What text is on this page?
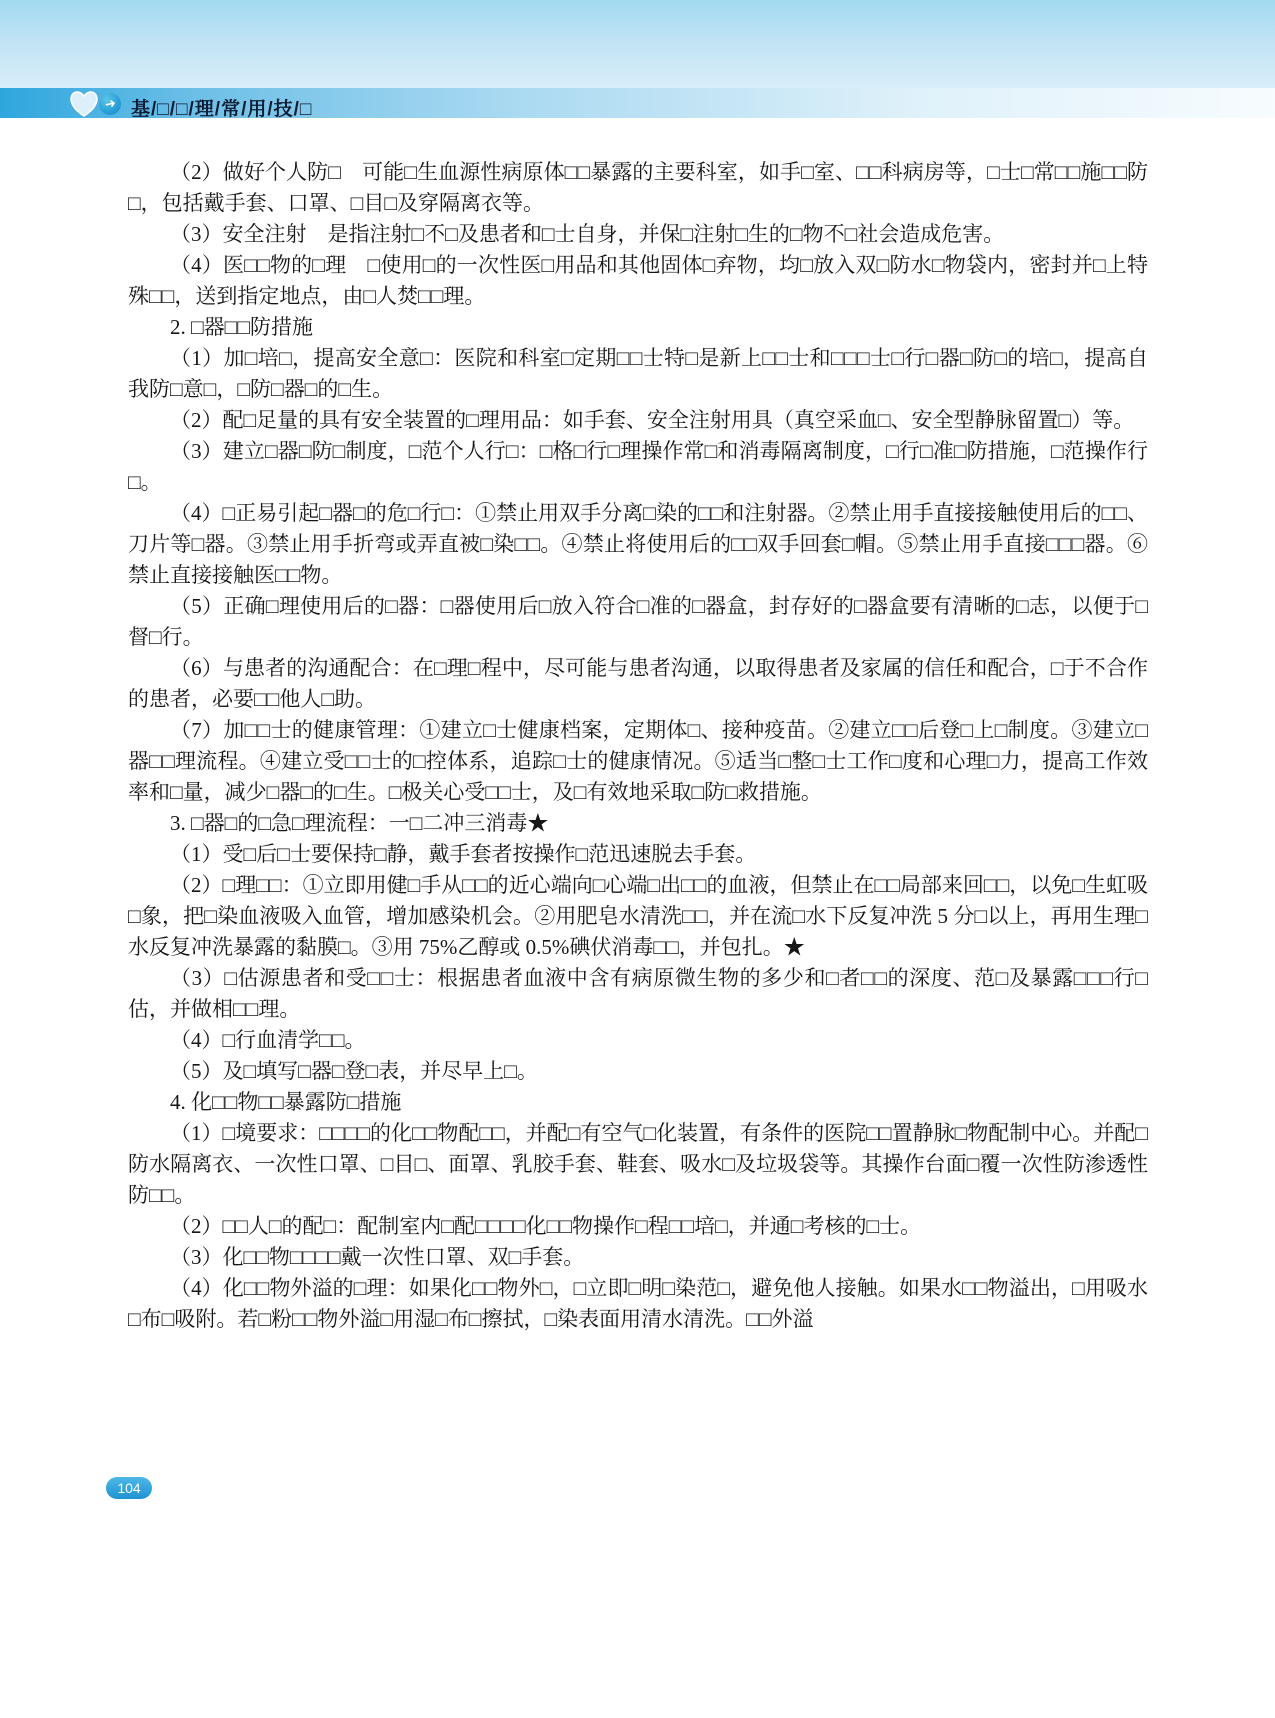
➜ 基/□/□/理/常/用/技/□

（2）做好个人防□　可能□生血源性病原体□□暴露的主要科室，如手□室、□□科病房等，□士□常□□施□□防□，包括戴手套、口罩、□目□及穿隔离衣等。

（3）安全注射　是指注射□不□及患者和□士自身，并保□注射□生的□物不□社会造成危害。

（4）医□□物的□理　□使用□的一次性医□用品和其他固体□弃物，均□放入双□防水□物袋内，密封并□上特殊□□，送到指定地点，由□人焚□□理。

2. □器□□防措施

（1）加□培□，提高安全意□：医院和科室□定期□□士特□是新上□□士和□□□士□行□器□防□的培□，提高自我防□意□，□防□器□的□生。

（2）配□足量的具有安全装置的□理用品：如手套、安全注射用具（真空采血□、安全型静脉留置□）等。

（3）建立□器□防□制度，□范个人行□：□格□行□理操作常□和消毒隔离制度，□行□准□防措施，□范操作行□。

（4）□正易引起□器□的危□行□：①禁止用双手分离□染的□□和注射器。②禁止用手直接接触使用后的□□、刀片等□器。③禁止用手折弯或弄直被□染□□。④禁止将使用后的□□双手回套□帽。⑤禁止用手直接□□□器。⑥禁止直接接触医□□物。

（5）正确□理使用后的□器：□器使用后□放入符合□准的□器盒，封存好的□器盒要有清晰的□志，以便于□督□行。

（6）与患者的沟通配合：在□理□程中，尽可能与患者沟通，以取得患者及家属的信任和配合，□于不合作的患者，必要□□他人□助。

（7）加□□士的健康管理：①建立□士健康档案，定期体□、接种疫苗。②建立□□后登□上□制度。③建立□器□□理流程。④建立受□□士的□控体系，追踪□士的健康情况。⑤适当□整□士工作□度和心理□力，提高工作效率和□量，减少□器□的□生。□极关心受□□士，及□有效地采取□防□救措施。

3. □器□的□急□理流程：一□二冲三消毒★

（1）受□后□士要保持□静，戴手套者按操作□范迅速脱去手套。

（2）□理□□：①立即用健□手从□□的近心端向□心端□出□□的血液，但禁止在□□局部来回□□，以免□生虹吸□象，把□染血液吸入血管，增加感染机会。②用肥皂水清洗□□，并在流□水下反复冲洗 5 分□以上，再用生理□水反复冲洗暴露的黏膜□。③用 75%乙醇或 0.5%碘伏消毒□□，并包扎。★

（3）□估源患者和受□□士：根据患者血液中含有病原微生物的多少和□者□□的深度、范□及暴露□□□行□估，并做相□□理。

（4）□行血清学□□。

（5）及□填写□器□登□表，并尽早上□。

4. 化□□物□□暴露防□措施

（1）□境要求：□□□□的化□□物配□□，并配□有空气□化装置，有条件的医院□□置静脉□物配制中心。并配□防水隔离衣、一次性口罩、□目□、面罩、乳胶手套、鞋套、吸水□及垃圾袋等。其操作台面□覆一次性防渗透性防□□。

（2）□□人□的配□：配制室内□配□□□□化□□物操作□程□□培□，并通□考核的□士。

（3）化□□物□□□□戴一次性口罩、双□手套。

（4）化□□物外溢的□理：如果化□□物外□，□立即□明□染范□，避免他人接触。如果水□□物溢出，□用吸水□布□吸附。若□粉□□物外溢□用湿□布□擦拭，□染表面用清水清洗。□□外溢

104
